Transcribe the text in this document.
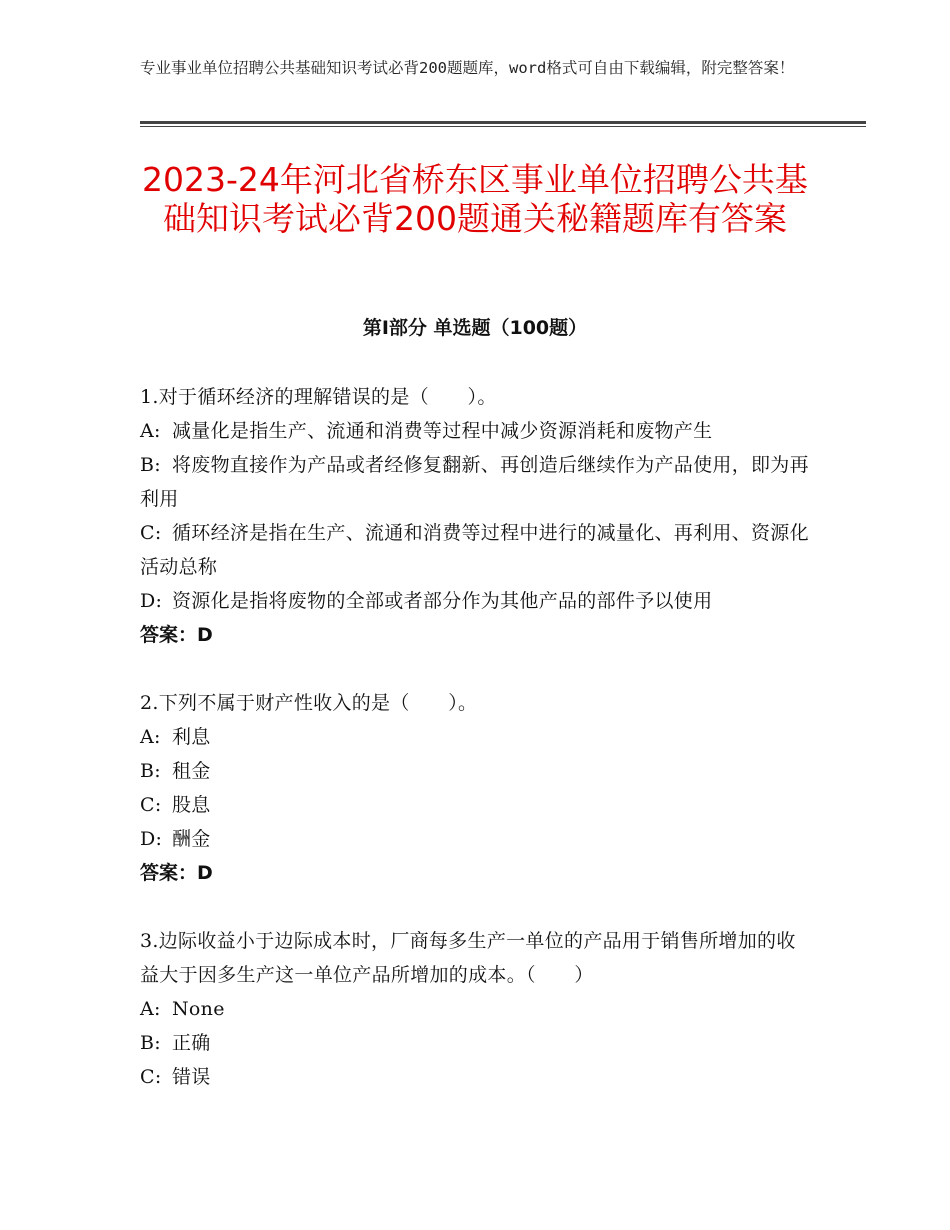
专业事业单位招聘公共基础知识考试必背200题题库，word格式可自由下载编辑，附完整答案！
2023-24年河北省桥东区事业单位招聘公共基础知识考试必背200题通关秘籍题库有答案
第Ⅰ部分 单选题（100题）

1.对于循环经济的理解错误的是（　　）。

A: 减量化是指生产、流通和消费等过程中减少资源消耗和废物产生

B: 将废物直接作为产品或者经修复翻新、再创造后继续作为产品使用，即为再利用

C: 循环经济是指在生产、流通和消费等过程中进行的减量化、再利用、资源化活动总称

D: 资源化是指将废物的全部或者部分作为其他产品的部件予以使用

答案：D

2.下列不属于财产性收入的是（　　）。

A: 利息

B: 租金

C: 股息

D: 酬金

答案：D

3.边际收益小于边际成本时，厂商每多生产一单位的产品用于销售所增加的收益大于因多生产这一单位产品所增加的成本。（　　）

A: None

B: 正确

C: 错误
